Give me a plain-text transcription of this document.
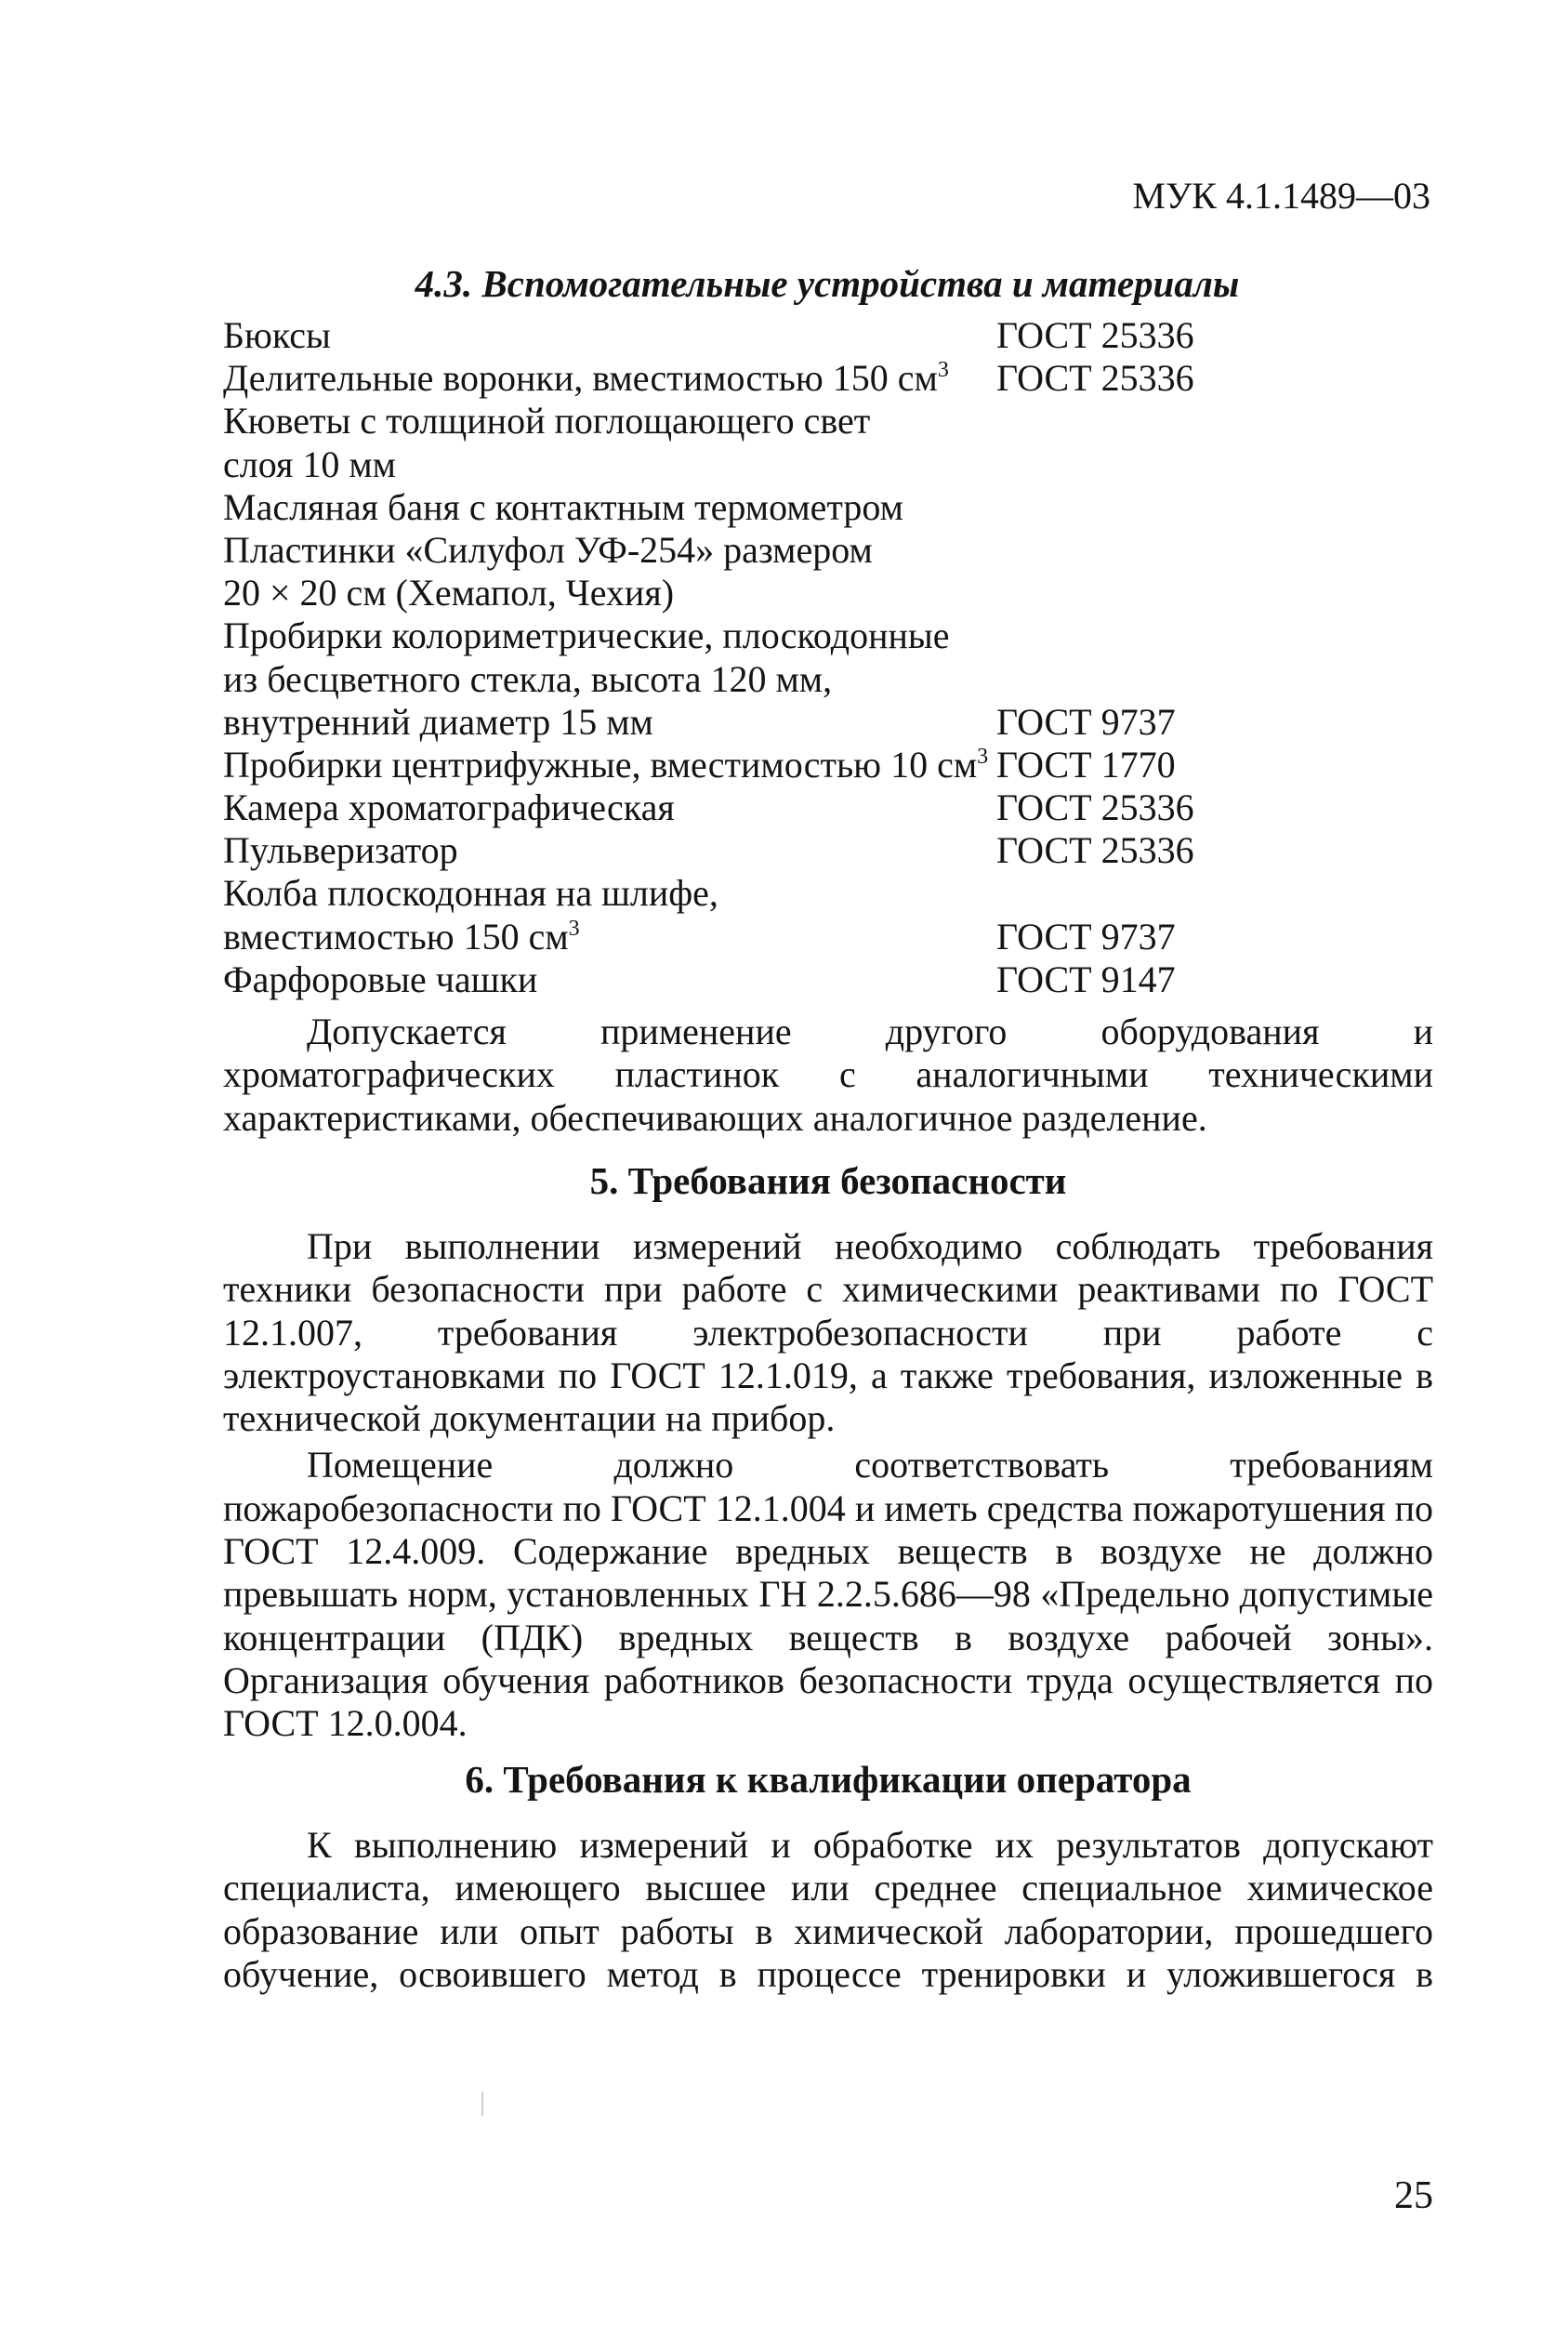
МУК 4.1.1489—03
4.3. Вспомогательные устройства и материалы
Бюксы	ГОСТ 25336
Делительные воронки, вместимостью 150 $см^3$ ГОСТ 25336
Кюветы с толщиной поглощающего свет
слоя 10 мм
Масляная баня с контактным термометром
Пластинки «Силуфол УФ-254» размером
20 × 20 см (Хемапол, Чехия)
Пробирки колориметрические, плоскодонные
из бесцветного стекла, высота 120 мм,
внутренний диаметр 15 мм	ГОСТ 9737
Пробирки центрифужные, вместимостью 10 $см^3$ ГОСТ 1770
Камера хроматографическая	ГОСТ 25336
Пульверизатор	ГОСТ 25336
Колба плоскодонная на шлифе,
вместимостью 150 $см^3$	ГОСТ 9737
Фарфоровые чашки	ГОСТ 9147

Допускается применение другого оборудования и хроматографических пластинок с аналогичными техническими характеристиками, обеспечивающих аналогичное разделение.

5. Требования безопасности

При выполнении измерений необходимо соблюдать требования техники безопасности при работе с химическими реактивами по ГОСТ 12.1.007, требования электробезопасности при работе с электроустановками по ГОСТ 12.1.019, а также требования, изложенные в технической документации на прибор.

Помещение должно соответствовать требованиям пожаробезопасности по ГОСТ 12.1.004 и иметь средства пожаротушения по ГОСТ 12.4.009. Содержание вредных веществ в воздухе не должно превышать норм, установленных ГН 2.2.5.686—98 «Предельно допустимые концентрации (ПДК) вредных веществ в воздухе рабочей зоны». Организация обучения работников безопасности труда осуществляется по ГОСТ 12.0.004.

6. Требования к квалификации оператора

К выполнению измерений и обработке их результатов допускают специалиста, имеющего высшее или среднее специальное химическое образование или опыт работы в химической лаборатории, прошедшего обучение, освоившего метод в процессе тренировки и уложившегося в

25
